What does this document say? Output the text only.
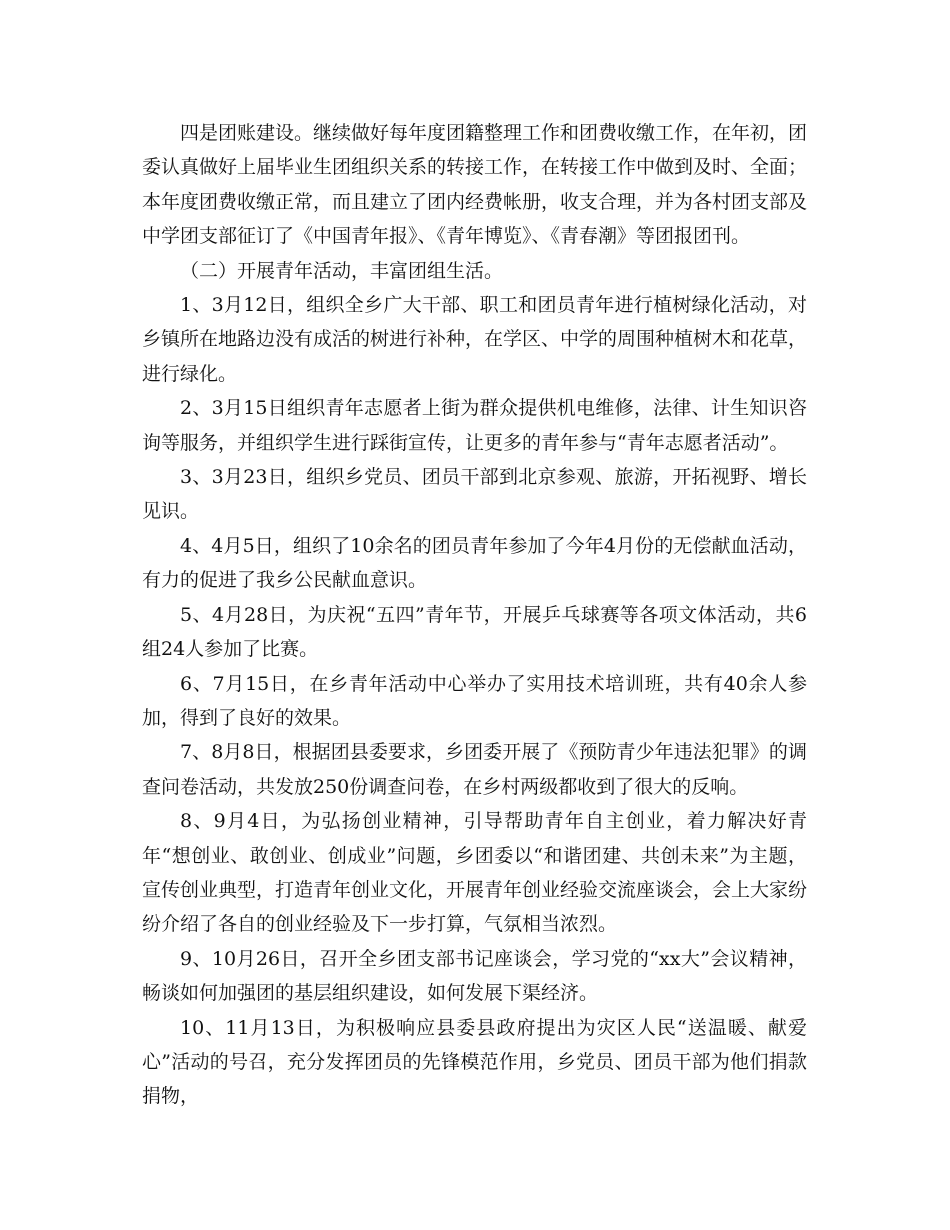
四是团账建设。继续做好每年度团籍整理工作和团费收缴工作，在年初，团委认真做好上届毕业生团组织关系的转接工作，在转接工作中做到及时、全面；本年度团费收缴正常，而且建立了团内经费帐册，收支合理，并为各村团支部及中学团支部征订了《中国青年报》、《青年博览》、《青春潮》等团报团刊。

（二）开展青年活动，丰富团组生活。

1、3月12日，组织全乡广大干部、职工和团员青年进行植树绿化活动，对乡镇所在地路边没有成活的树进行补种，在学区、中学的周围种植树木和花草，进行绿化。

2、3月15日组织青年志愿者上街为群众提供机电维修，法律、计生知识咨询等服务，并组织学生进行踩街宣传，让更多的青年参与“青年志愿者活动”。

3、3月23日，组织乡党员、团员干部到北京参观、旅游，开拓视野、增长见识。

4、4月5日，组织了10余名的团员青年参加了今年4月份的无偿献血活动，有力的促进了我乡公民献血意识。

5、4月28日，为庆祝“五四”青年节，开展乒乓球赛等各项文体活动，共6组24人参加了比赛。

6、7月15日，在乡青年活动中心举办了实用技术培训班，共有40余人参加，得到了良好的效果。

7、8月8日，根据团县委要求，乡团委开展了《预防青少年违法犯罪》的调查问卷活动，共发放250份调查问卷，在乡村两级都收到了很大的反响。

8、9月4日，为弘扬创业精神，引导帮助青年自主创业，着力解决好青年“想创业、敢创业、创成业”问题，乡团委以“和谐团建、共创未来”为主题，宣传创业典型，打造青年创业文化，开展青年创业经验交流座谈会，会上大家纷纷介绍了各自的创业经验及下一步打算，气氛相当浓烈。

9、10月26日，召开全乡团支部书记座谈会，学习党的“xx大”会议精神，畅谈如何加强团的基层组织建设，如何发展下渠经济。

10、11月13日，为积极响应县委县政府提出为灾区人民“送温暖、献爱心”活动的号召，充分发挥团员的先锋模范作用，乡党员、团员干部为他们捐款捐物，
